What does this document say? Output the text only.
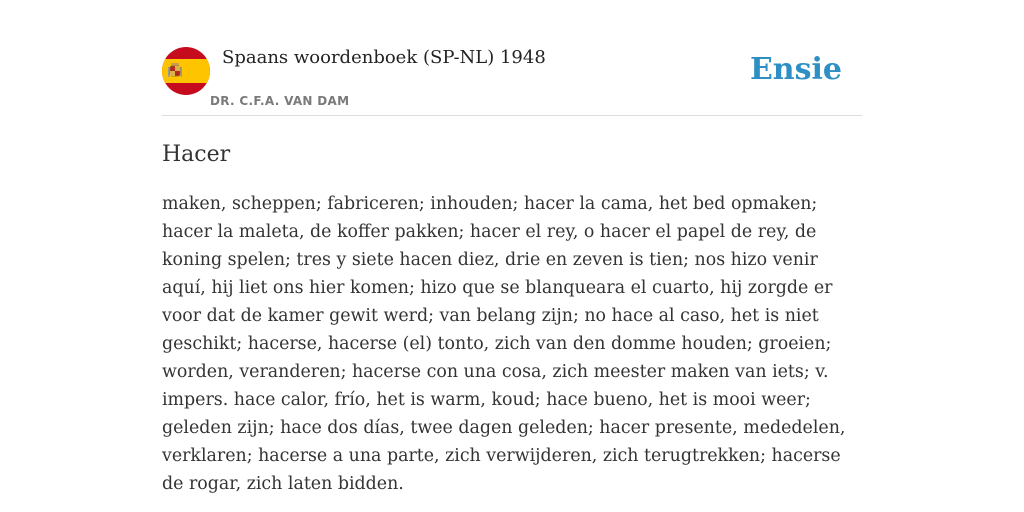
Spaans woordenboek (SP-NL) 1948
DR. C.F.A. VAN DAM
Ensie
Hacer
maken, scheppen; fabriceren; inhouden; hacer la cama, het bed opmaken; hacer la maleta, de koffer pakken; hacer el rey, o hacer el papel de rey, de koning spelen; tres y siete hacen diez, drie en zeven is tien; nos hizo venir aquí, hij liet ons hier komen; hizo que se blanqueara el cuarto, hij zorgde er voor dat de kamer gewit werd; van belang zijn; no hace al caso, het is niet geschikt; hacerse, hacerse (el) tonto, zich van den domme houden; groeien; worden, veranderen; hacerse con una cosa, zich meester maken van iets; v. impers. hace calor, frío, het is warm, koud; hace bueno, het is mooi weer; geleden zijn; hace dos días, twee dagen geleden; hacer presente, mededelen, verklaren; hacerse a una parte, zich verwijderen, zich terugtrekken; hacerse de rogar, zich laten bidden.
